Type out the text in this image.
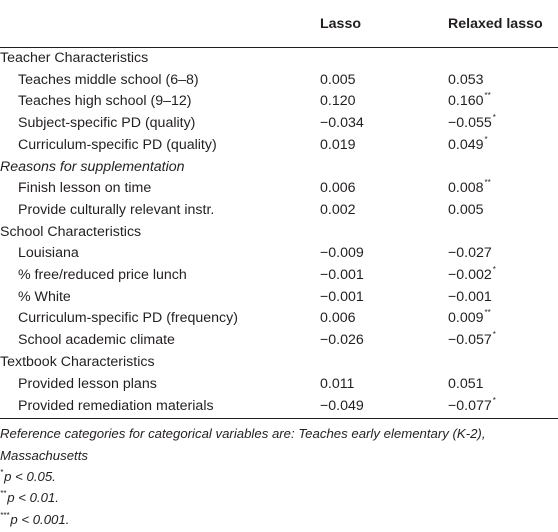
	Lasso	Relaxed lasso
Teacher Characteristics		
Teaches middle school (6–8)	0.005	0.053
Teaches high school (9–12)	0.120	0.160**
Subject-specific PD (quality)	−0.034	−0.055*
Curriculum-specific PD (quality)	0.019	0.049*
Reasons for supplementation		
Finish lesson on time	0.006	0.008**
Provide culturally relevant instr.	0.002	0.005
School Characteristics		
Louisiana	−0.009	−0.027
% free/reduced price lunch	−0.001	−0.002*
% White	−0.001	−0.001
Curriculum-specific PD (frequency)	0.006	0.009**
School academic climate	−0.026	−0.057*
Textbook Characteristics		
Provided lesson plans	0.011	0.051
Provided remediation materials	−0.049	−0.077*
Reference categories for categorical variables are: Teaches early elementary (K-2),
Massachusetts
*p < 0.05.
**p < 0.01.
***p < 0.001.
